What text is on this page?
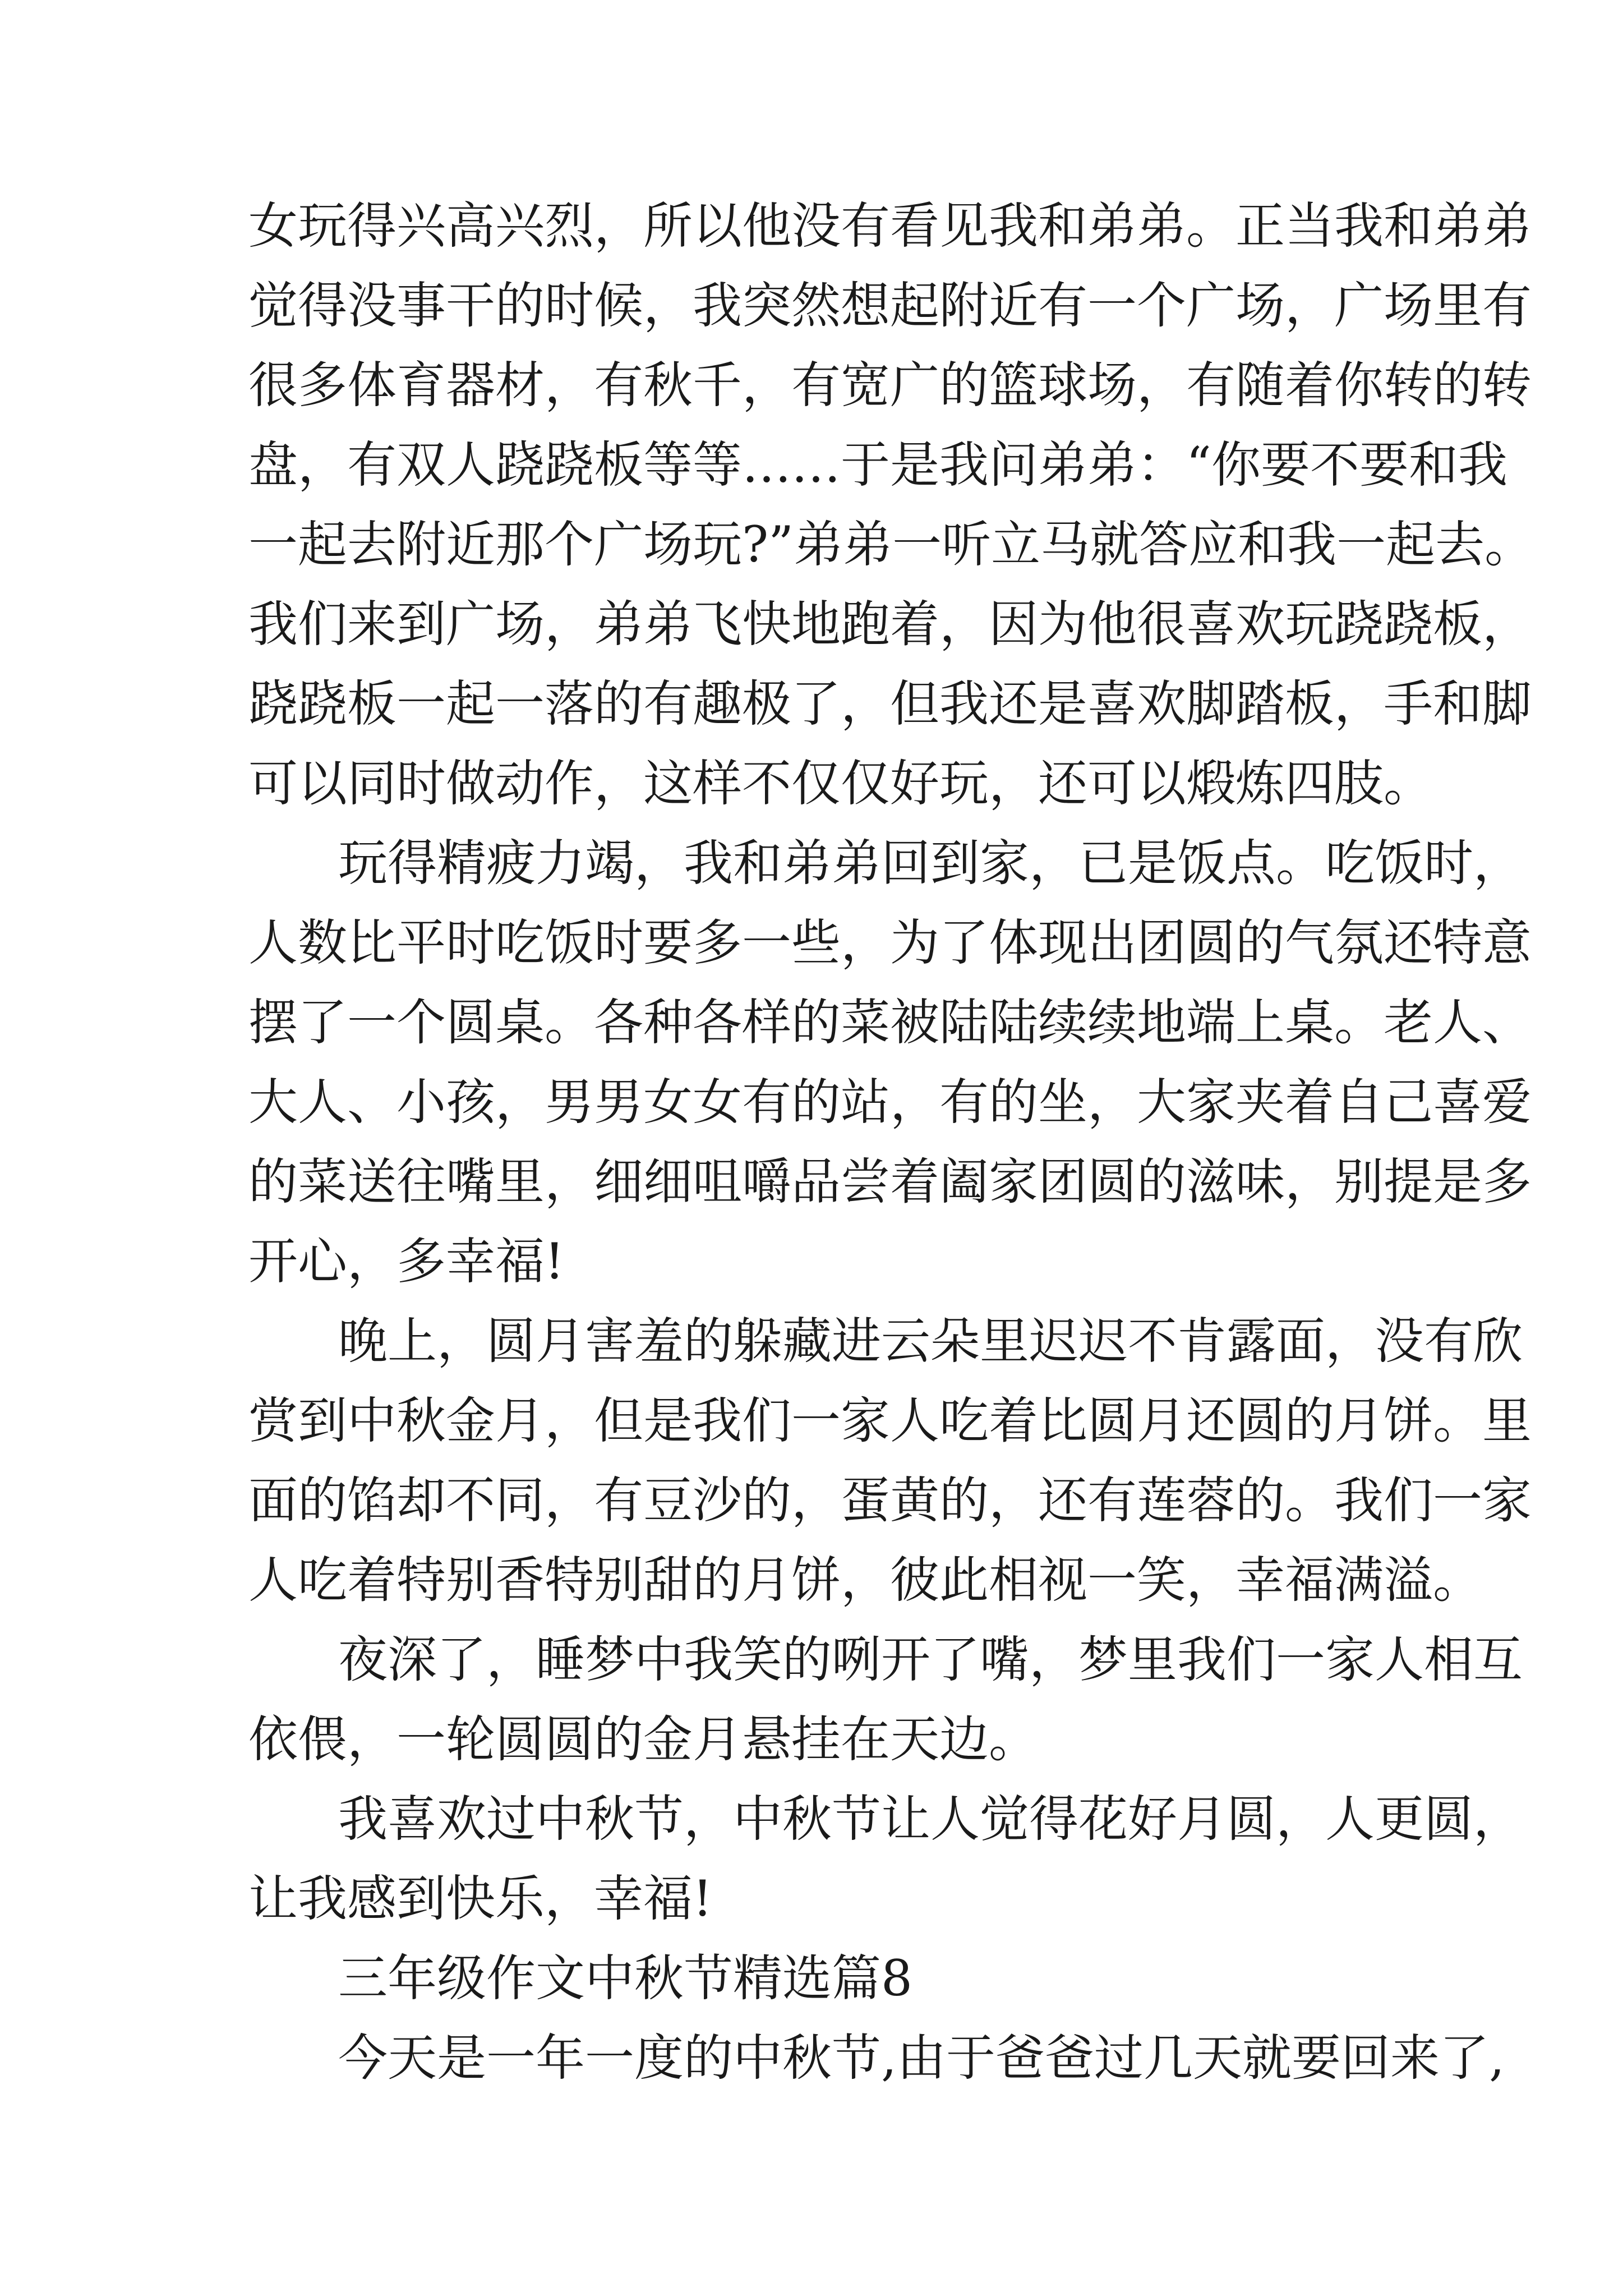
女玩得兴高兴烈，所以他没有看见我和弟弟。正当我和弟弟
觉得没事干的时候，我突然想起附近有一个广场，广场里有
很多体育器材，有秋千，有宽广的篮球场，有随着你转的转
盘，有双人跷跷板等等……于是我问弟弟：“你要不要和我
一起去附近那个广场玩?”弟弟一听立马就答应和我一起去。
我们来到广场，弟弟飞快地跑着，因为他很喜欢玩跷跷板，
跷跷板一起一落的有趣极了，但我还是喜欢脚踏板，手和脚
可以同时做动作，这样不仅仅好玩，还可以煅炼四肢。
玩得精疲力竭，我和弟弟回到家，已是饭点。吃饭时，
人数比平时吃饭时要多一些，为了体现出团圆的气氛还特意
摆了一个圆桌。各种各样的菜被陆陆续续地端上桌。老人、
大人、小孩，男男女女有的站，有的坐，大家夹着自己喜爱
的菜送往嘴里，细细咀嚼品尝着阖家团圆的滋味，别提是多
开心，多幸福!
晚上，圆月害羞的躲藏进云朵里迟迟不肯露面，没有欣
赏到中秋金月，但是我们一家人吃着比圆月还圆的月饼。里
面的馅却不同，有豆沙的，蛋黄的，还有莲蓉的。我们一家
人吃着特别香特别甜的月饼，彼此相视一笑，幸福满溢。
夜深了，睡梦中我笑的咧开了嘴，梦里我们一家人相互
依偎，一轮圆圆的金月悬挂在天边。
我喜欢过中秋节，中秋节让人觉得花好月圆，人更圆，
让我感到快乐，幸福!
三年级作文中秋节精选篇8
今天是一年一度的中秋节,由于爸爸过几天就要回来了,
